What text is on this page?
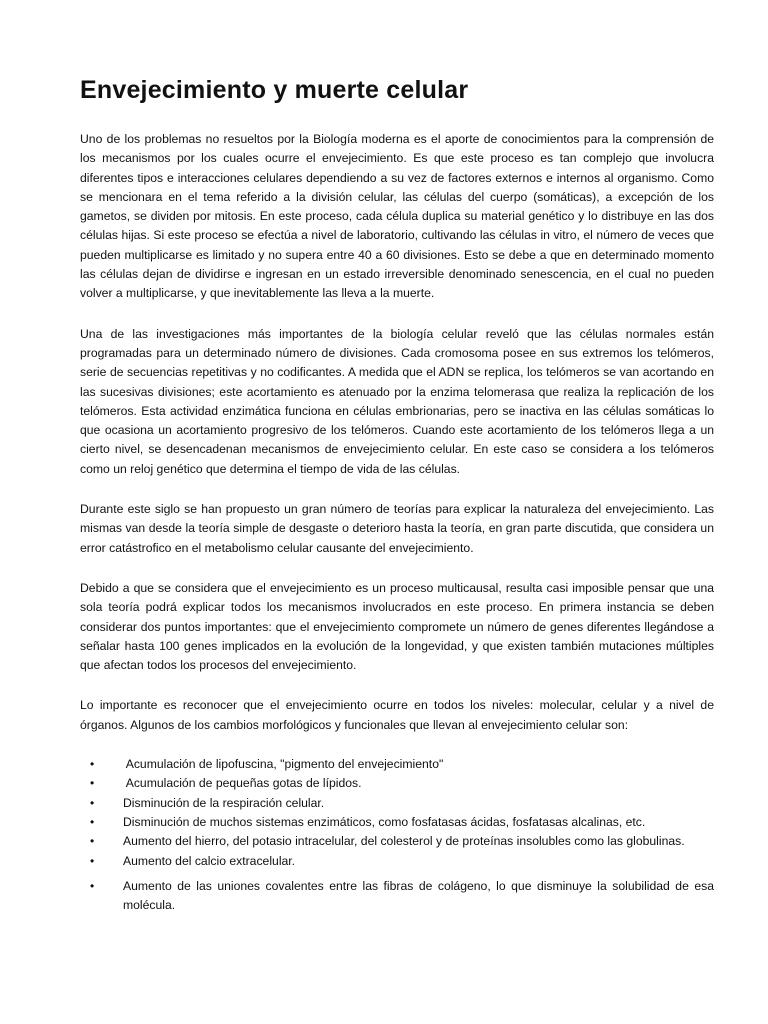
Envejecimiento y muerte celular

Uno de los problemas no resueltos por la Biología moderna es el aporte de conocimientos para la comprensión de los mecanismos por los cuales ocurre el envejecimiento. Es que este proceso es tan complejo que involucra diferentes tipos e interacciones celulares dependiendo a su vez de factores externos e internos al organismo. Como se mencionara en el tema referido a la división celular, las células del cuerpo (somáticas), a excepción de los gametos, se dividen por mitosis. En este proceso, cada célula duplica su material genético y lo distribuye en las dos células hijas. Si este proceso se efectúa a nivel de laboratorio, cultivando las células in vitro, el número de veces que pueden multiplicarse es limitado y no supera entre 40 a 60 divisiones. Esto se debe a que en determinado momento las células dejan de dividirse e ingresan en un estado irreversible denominado senescencia, en el cual no pueden volver a multiplicarse, y que inevitablemente las lleva a la muerte.

Una de las investigaciones más importantes de la biología celular reveló que las células normales están programadas para un determinado número de divisiones. Cada cromosoma posee en sus extremos los telómeros, serie de secuencias repetitivas y no codificantes. A medida que el ADN se replica, los telómeros se van acortando en las sucesivas divisiones; este acortamiento es atenuado por la enzima telomerasa que realiza la replicación de los telómeros. Esta actividad enzimática funciona en células embrionarias, pero se inactiva en las células somáticas lo que ocasiona un acortamiento progresivo de los telómeros. Cuando este acortamiento de los telómeros llega a un cierto nivel, se desencadenan mecanismos de envejecimiento celular. En este caso se considera a los telómeros como un reloj genético que determina el tiempo de vida de las células.

Durante este siglo se han propuesto un gran número de teorías para explicar la naturaleza del envejecimiento. Las mismas van desde la teoría simple de desgaste o deterioro hasta la teoría, en gran parte discutida, que considera un error catástrofico en el metabolismo celular causante del envejecimiento.

Debido a que se considera que el envejecimiento es un proceso multicausal, resulta casi imposible pensar que una sola teoría podrá explicar todos los mecanismos involucrados en este proceso. En primera instancia se deben considerar dos puntos importantes: que el envejecimiento compromete un número de genes diferentes llegándose a señalar hasta 100 genes implicados en la evolución de la longevidad, y que existen también mutaciones múltiples que afectan todos los procesos del envejecimiento.

Lo importante es reconocer que el envejecimiento ocurre en todos los niveles: molecular, celular y a nivel de órganos. Algunos de los cambios morfológicos y funcionales que llevan al envejecimiento celular son:

• Acumulación de lipofuscina, "pigmento del envejecimiento"
• Acumulación de pequeñas gotas de lípidos.
• Disminución de la respiración celular.
• Disminución de muchos sistemas enzimáticos, como fosfatasas ácidas, fosfatasas alcalinas, etc.
• Aumento del hierro, del potasio intracelular, del colesterol y de proteínas insolubles como las globulinas.
• Aumento del calcio extracelular.
• Aumento de las uniones covalentes entre las fibras de colágeno, lo que disminuye la solubilidad de esa molécula.
